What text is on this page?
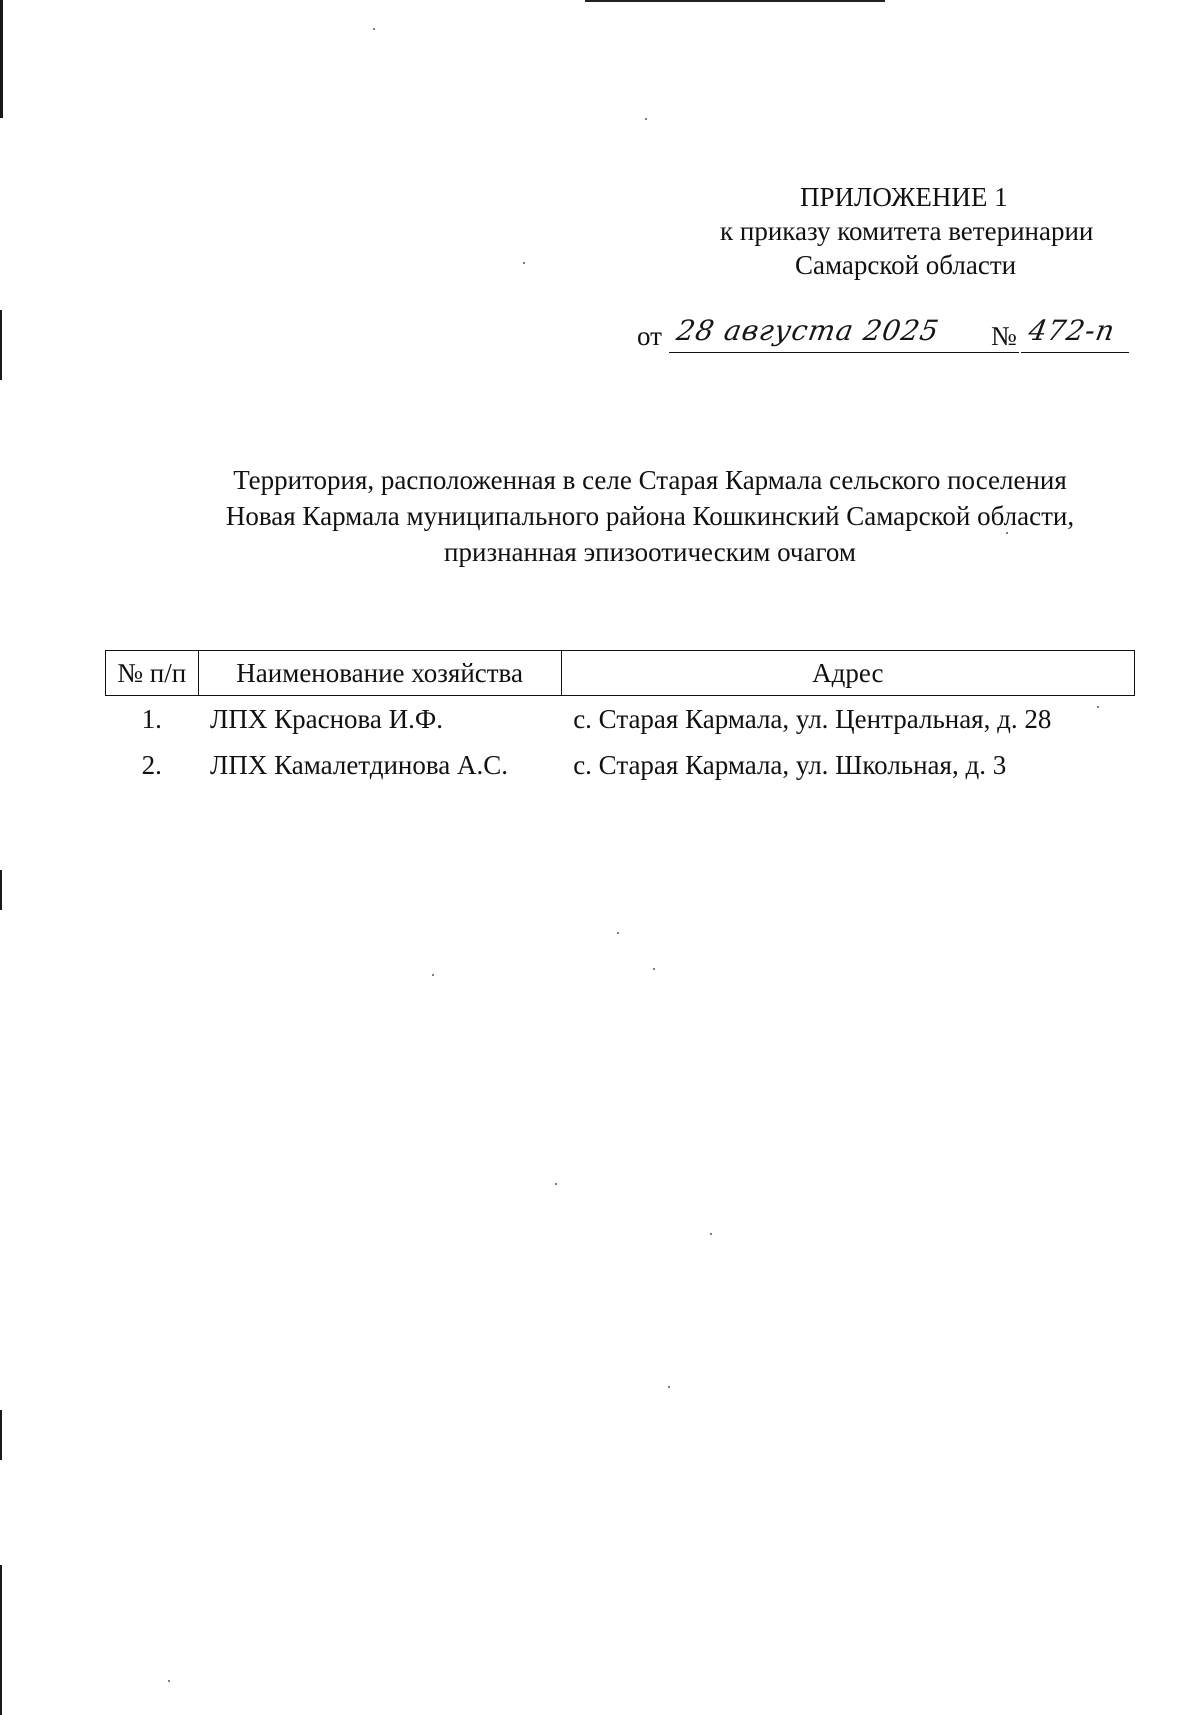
ПРИЛОЖЕНИЕ 1
к приказу комитета ветеринарии
Самарской области
от 28 августа 2025 № 472-п
Территория, расположенная в селе Старая Кармала сельского поселения
Новая Кармала муниципального района Кошкинский Самарской области,
признанная эпизоотическим очагом
№ п/п	Наименование хозяйства	Адрес
1.	ЛПХ Краснова И.Ф.	с. Старая Кармала, ул. Центральная, д. 28
2.	ЛПХ Камалетдинова А.С.	с. Старая Кармала, ул. Школьная, д. 3
